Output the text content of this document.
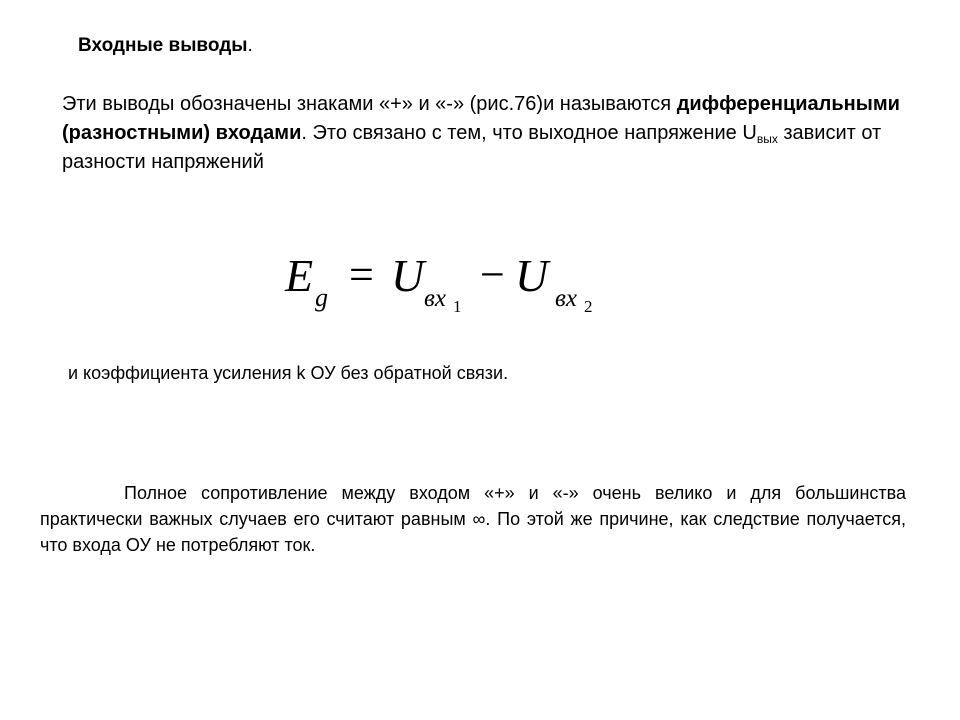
Входные выводы.
Эти выводы обозначены знаками «+» и «-» (рис.76)и называются дифференциальными (разностными) входами. Это связано с тем, что выходное напряжение $U_{вых}$ зависит от разности напряжений
E g = U вх 1
− U вх 2
и коэффициента усиления k ОУ без обратной связи.
Полное сопротивление между входом «+» и «-» очень велико и для большинства практически важных случаев его считают равным ∞. По этой же причине, как следствие получается, что входа ОУ не потребляют ток.
